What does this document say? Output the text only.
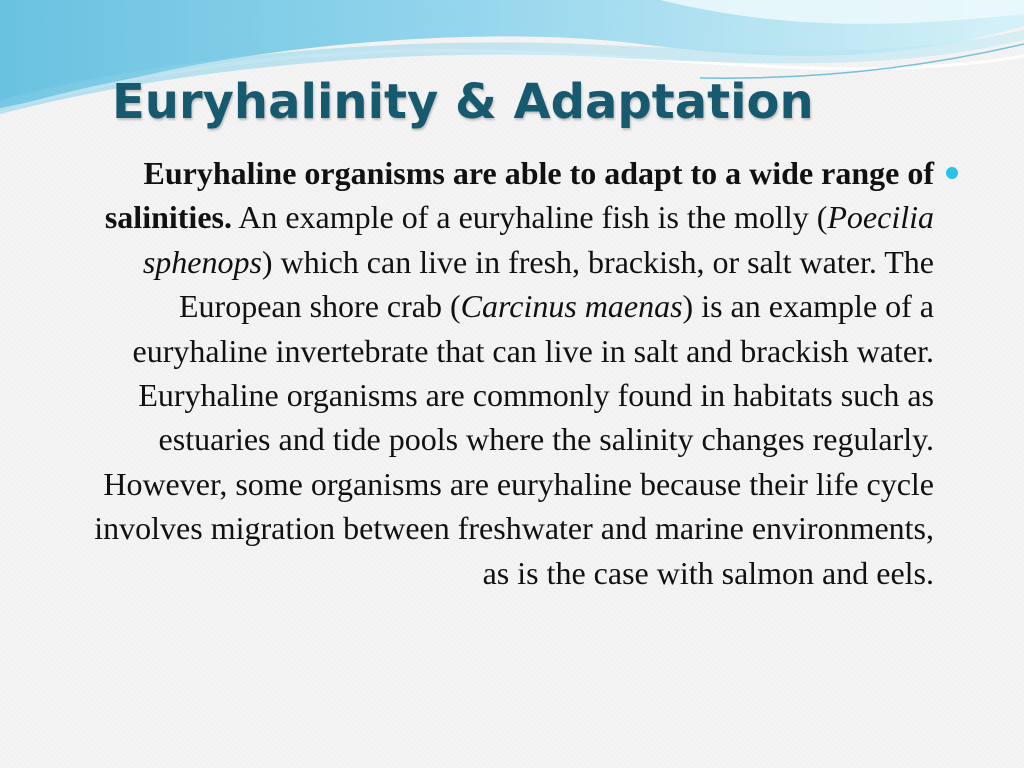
Euryhalinity & Adaptation

Euryhaline organisms are able to adapt to a wide range of salinities. An example of a euryhaline fish is the molly (Poecilia sphenops) which can live in fresh, brackish, or salt water. The European shore crab (Carcinus maenas) is an example of a euryhaline invertebrate that can live in salt and brackish water. Euryhaline organisms are commonly found in habitats such as estuaries and tide pools where the salinity changes regularly. However, some organisms are euryhaline because their life cycle involves migration between freshwater and marine environments, as is the case with salmon and eels.
